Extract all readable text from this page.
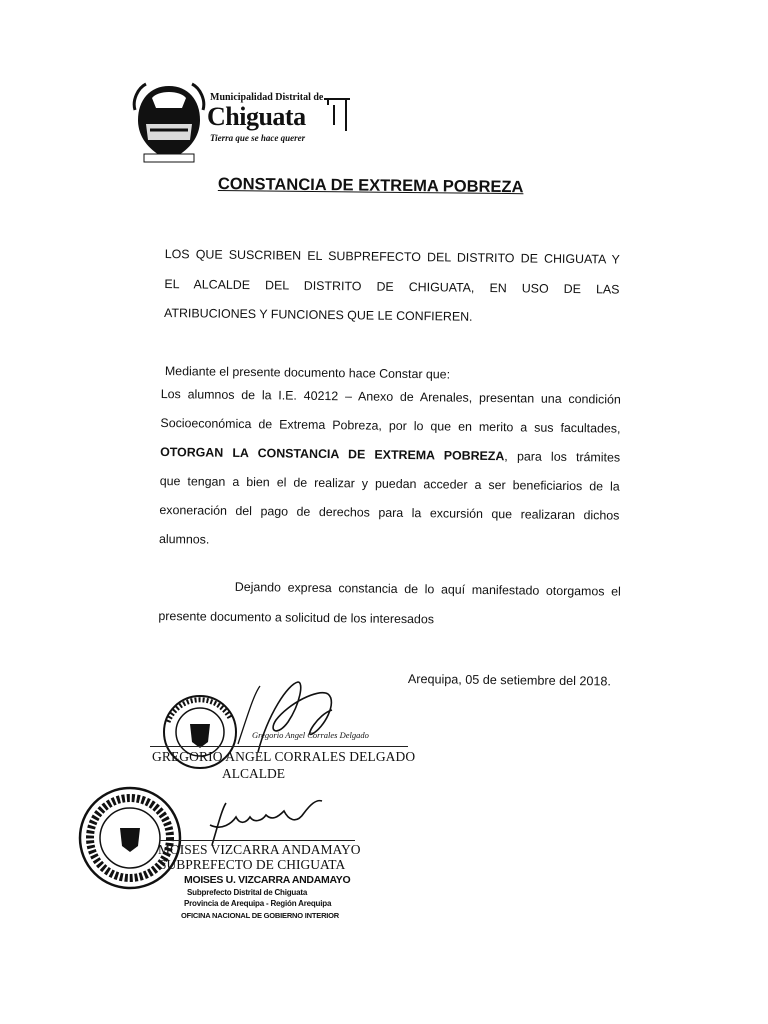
Municipalidad Distrital de
Chiguata
Tierra que se hace querer
CONSTANCIA DE EXTREMA POBREZA
LOS QUE SUSCRIBEN EL SUBPREFECTO DEL DISTRITO DE CHIGUATA Y
EL ALCALDE DEL DISTRITO DE CHIGUATA, EN USO DE LAS
ATRIBUCIONES Y FUNCIONES QUE LE CONFIEREN.
Mediante el presente documento hace Constar que:
Los alumnos de la I.E. 40212 – Anexo de Arenales, presentan una condición
Socioeconómica de Extrema Pobreza, por lo que en merito a sus facultades,
OTORGAN LA CONSTANCIA DE EXTREMA POBREZA, para los trámites
que tengan a bien el de realizar y puedan acceder a ser beneficiarios de la
exoneración del pago de derechos para la excursión que realizaran dichos
alumnos.
Dejando expresa constancia de lo aquí manifestado otorgamos el
presente documento a solicitud de los interesados
Arequipa, 05 de setiembre del 2018.
Gregorio Angel Corrales Delgado
GREGORIO ANGEL CORRALES DELGADO
ALCALDE
MOISES VIZCARRA ANDAMAYO
SUBPREFECTO DE CHIGUATA
MOISES U. VIZCARRA ANDAMAYO
Subprefecto Distrital de Chiguata
Provincia de Arequipa - Región Arequipa
OFICINA NACIONAL DE GOBIERNO INTERIOR
